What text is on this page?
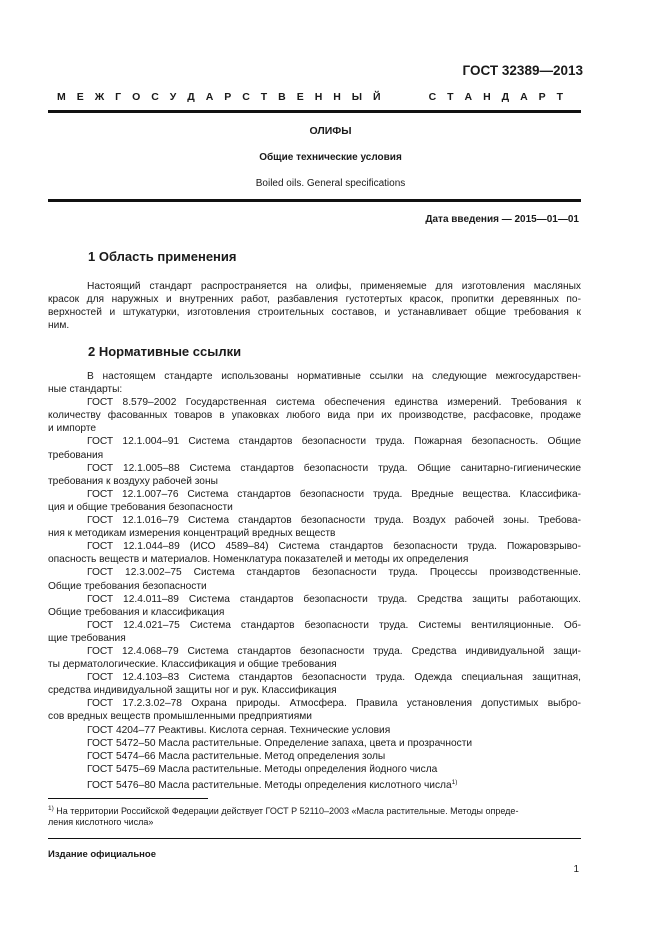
ГОСТ 32389—2013
М Е Ж Г О С У Д А Р С Т В Е Н Н Ы Й	С Т А Н Д А Р Т
ОЛИФЫ
Общие технические условия
Boiled oils. General specifications
Дата введения — 2015—01—01
1 Область применения
Настоящий стандарт распространяется на олифы, применяемые для изготовления масляных
красок для наружных и внутренних работ, разбавления густотертых красок, пропитки деревянных по-
верхностей и штукатурки, изготовления строительных составов, и устанавливает общие требования к
ним.
2 Нормативные ссылки
В настоящем стандарте использованы нормативные ссылки на следующие межгосударствен-
ные стандарты:
ГОСТ 8.579–2002 Государственная система обеспечения единства измерений. Требования к
количеству фасованных товаров в упаковках любого вида при их производстве, расфасовке, продаже
и импорте
ГОСТ 12.1.004–91 Система стандартов безопасности труда. Пожарная безопасность. Общие
требования
ГОСТ 12.1.005–88 Система стандартов безопасности труда. Общие санитарно-гигиенические
требования к воздуху рабочей зоны
ГОСТ 12.1.007–76 Система стандартов безопасности труда. Вредные вещества. Классифика-
ция и общие требования безопасности
ГОСТ 12.1.016–79 Система стандартов безопасности труда. Воздух рабочей зоны. Требова-
ния к методикам измерения концентраций вредных веществ
ГОСТ 12.1.044–89 (ИСО 4589–84) Система стандартов безопасности труда. Пожаровзрыво-
опасность веществ и материалов. Номенклатура показателей и методы их определения
ГОСТ 12.3.002–75 Система стандартов безопасности труда. Процессы производственные.
Общие требования безопасности
ГОСТ 12.4.011–89 Система стандартов безопасности труда. Средства защиты работающих.
Общие требования и классификация
ГОСТ 12.4.021–75 Система стандартов безопасности труда. Системы вентиляционные. Об-
щие требования
ГОСТ 12.4.068–79 Система стандартов безопасности труда. Средства индивидуальной защи-
ты дерматологические. Классификация и общие требования
ГОСТ 12.4.103–83 Система стандартов безопасности труда. Одежда специальная защитная,
средства индивидуальной защиты ног и рук. Классификация
ГОСТ 17.2.3.02–78 Охрана природы. Атмосфера. Правила установления допустимых выбро-
сов вредных веществ промышленными предприятиями
ГОСТ 4204–77 Реактивы. Кислота серная. Технические условия
ГОСТ 5472–50 Масла растительные. Определение запаха, цвета и прозрачности
ГОСТ 5474–66 Масла растительные. Метод определения золы
ГОСТ 5475–69 Масла растительные. Методы определения йодного числа
ГОСТ 5476–80 Масла растительные. Методы определения кислотного числа$^{1)}$
$^{1)}$ На территории Российской Федерации действует ГОСТ Р 52110–2003 «Масла растительные. Методы опреде-
ления кислотного числа»
Издание официальное
1
